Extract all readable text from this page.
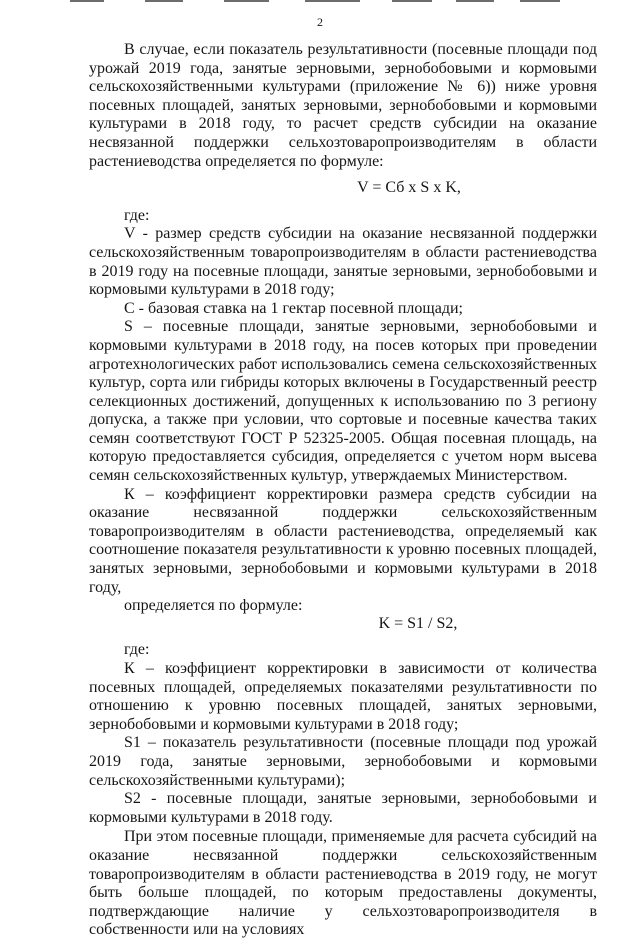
2

В случае, если показатель результативности (посевные площади под урожай 2019 года, занятые зерновыми, зернобобовыми и кормовыми сельскохозяйственными культурами (приложение № 6)) ниже уровня посевных площадей, занятых зерновыми, зернобобовыми и кормовыми культурами в 2018 году, то расчет средств субсидии на оказание несвязанной поддержки сельхозтоваропроизводителям в области растениеводства определяется по формуле:

V = Сб х S х K,

где:

V - размер средств субсидии на оказание несвязанной поддержки сельскохозяйственным товаропроизводителям в области растениеводства в 2019 году на посевные площади, занятые зерновыми, зернобобовыми и кормовыми культурами в 2018 году;

С - базовая ставка на 1 гектар посевной площади;

S – посевные площади, занятые зерновыми, зернобобовыми и кормовыми культурами в 2018 году, на посев которых при проведении агротехнологических работ использовались семена сельскохозяйственных культур, сорта или гибриды которых включены в Государственный реестр селекционных достижений, допущенных к использованию по 3 региону допуска, а также при условии, что сортовые и посевные качества таких семян соответствуют ГОСТ Р 52325-2005. Общая посевная площадь, на которую предоставляется субсидия, определяется с учетом норм высева семян сельскохозяйственных культур, утверждаемых Министерством.

К – коэффициент корректировки размера средств субсидии на оказание несвязанной поддержки сельскохозяйственным товаропроизводителям в области растениеводства, определяемый как соотношение показателя результативности к уровню посевных площадей, занятых зерновыми, зернобобовыми и кормовыми культурами в 2018 году,

определяется по формуле:

K = S1 / S2,

где:

К – коэффициент корректировки в зависимости от количества посевных площадей, определяемых показателями результативности по отношению к уровню посевных площадей, занятых зерновыми, зернобобовыми и кормовыми культурами в 2018 году;

S1 – показатель результативности (посевные площади под урожай 2019 года, занятые зерновыми, зернобобовыми и кормовыми сельскохозяйственными культурами);

S2 - посевные площади, занятые зерновыми, зернобобовыми и кормовыми культурами в 2018 году.

При этом посевные площади, применяемые для расчета субсидий на оказание несвязанной поддержки сельскохозяйственным товаропроизводителям в области растениеводства в 2019 году, не могут быть больше площадей, по которым предоставлены документы, подтверждающие наличие у сельхозтоваропроизводителя в собственности или на условиях
